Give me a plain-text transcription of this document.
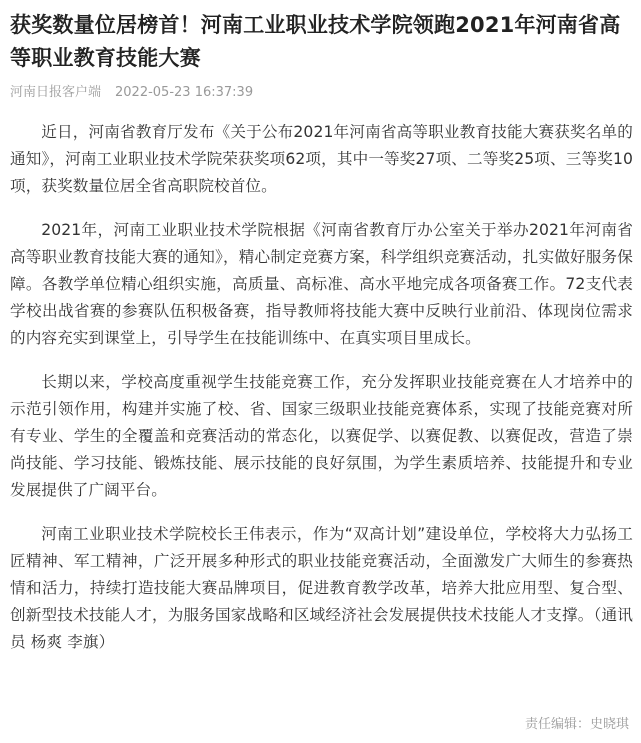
获奖数量位居榜首！河南工业职业技术学院领跑2021年河南省高等职业教育技能大赛
河南日报客户端 2022-05-23 16:37:39

近日，河南省教育厅发布《关于公布2021年河南省高等职业教育技能大赛获奖名单的通知》，河南工业职业技术学院荣获奖项62项，其中一等奖27项、二等奖25项、三等奖10项，获奖数量位居全省高职院校首位。

2021年，河南工业职业技术学院根据《河南省教育厅办公室关于举办2021年河南省高等职业教育技能大赛的通知》，精心制定竞赛方案，科学组织竞赛活动，扎实做好服务保障。各教学单位精心组织实施，高质量、高标准、高水平地完成各项备赛工作。72支代表学校出战省赛的参赛队伍积极备赛，指导教师将技能大赛中反映行业前沿、体现岗位需求的内容充实到课堂上，引导学生在技能训练中、在真实项目里成长。

长期以来，学校高度重视学生技能竞赛工作，充分发挥职业技能竞赛在人才培养中的示范引领作用，构建并实施了校、省、国家三级职业技能竞赛体系，实现了技能竞赛对所有专业、学生的全覆盖和竞赛活动的常态化，以赛促学、以赛促教、以赛促改，营造了崇尚技能、学习技能、锻炼技能、展示技能的良好氛围，为学生素质培养、技能提升和专业发展提供了广阔平台。

河南工业职业技术学院校长王伟表示，作为“双高计划”建设单位，学校将大力弘扬工匠精神、军工精神，广泛开展多种形式的职业技能竞赛活动，全面激发广大师生的参赛热情和活力，持续打造技能大赛品牌项目，促进教育教学改革，培养大批应用型、复合型、创新型技术技能人才，为服务国家战略和区域经济社会发展提供技术技能人才支撑。（通讯员 杨爽 李旗）

责任编辑：史晓琪
